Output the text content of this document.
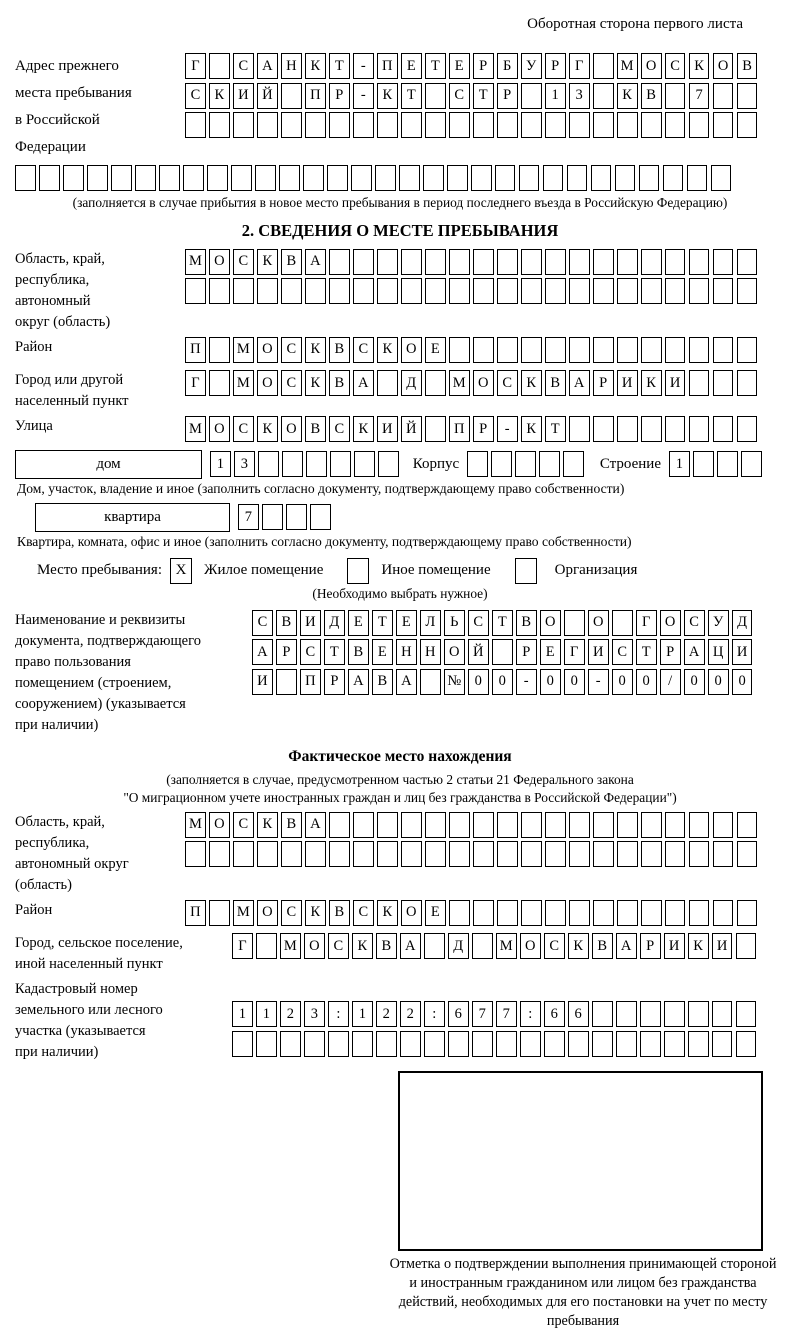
Оборотная сторона первого листа
Адрес прежнего
места пребывания
в Российской
Федерации
Г	С А Н К	Т	-	П Е	Т	Е	Р	Б	У	Р	Г	М О С К О В
С К И Й	П	Р	-	К	Т	С	Т	Р	1	3	К В	7
(заполняется в случае прибытия в новое место пребывания в период последнего въезда в Российскую Федерацию)
2. СВЕДЕНИЯ О МЕСТЕ ПРЕБЫВАНИЯ
Область, край,
республика,
автономный
округ (область)
М О С К В А
Район	П	М О С К В С К О Е
Город или другой
населенный пункт
Г	М О С К В А	Д	М О С К В А	Р	И К И
Улица	М О С К О В С К И Й	П	Р	-	К	Т
дом	1	3	Корпус	Строение	1
Дом, участок, владение и иное (заполнить согласно документу, подтверждающему право собственности)
квартира	7
Квартира, комната, офис и иное (заполнить согласно документу, подтверждающему право собственности)
Место пребывания: X	Жилое помещение	Иное помещение	Организация
(Необходимо выбрать нужное)
Наименование и реквизиты
документа, подтверждающего
право пользования
помещением (строением,
сооружением) (указывается
при наличии)
С В И Д	Е	Т	Е	Л	Ь	С	Т	В О	О	Г	О С У Д
А	Р	С	Т	В	Е Н Н О Й	Р	Е	Г	И С	Т	Р	А Ц И
И	П	Р	А В А	№ 0	0	-	0	0	-	0	0	/	0	0	0
Фактическое место нахождения
(заполняется в случае, предусмотренном частью 2 статьи 21 Федерального закона
"О миграционном учете иностранных граждан и лиц без гражданства в Российской Федерации")
Область, край,
республика,
автономный округ
(область)
М О С К В А
Район	П	М О С К В С К О Е
Город, сельское поселение,
иной населенный пункт
Г	М О С К В А	Д	М О С К В А	Р	И К И
Кадастровый номер
земельного или лесного
участка (указывается
при наличии)
1	1	2	3	:	1	2	2	:	6	7	7	:	6	6
Отметка о подтверждении выполнения принимающей стороной и иностранным гражданином или лицом без гражданства действий, необходимых для его постановки на учет по месту пребывания
